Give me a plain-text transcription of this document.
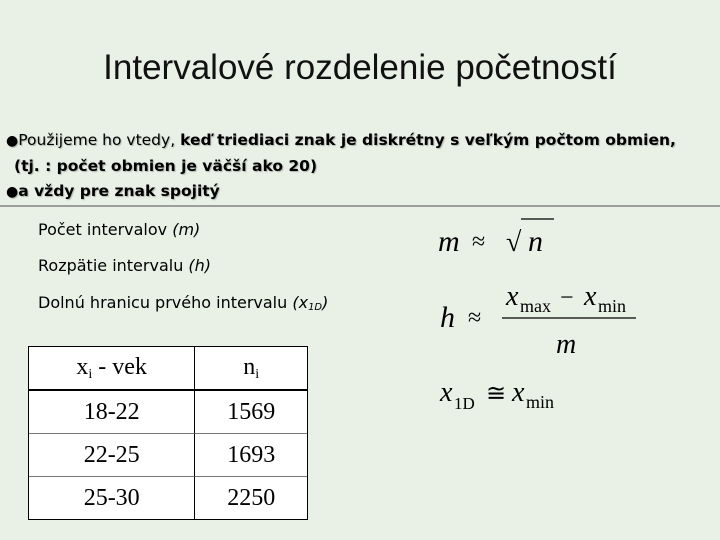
Intervalové rozdelenie početností
●Použijeme ho vtedy, keď triediaci znak je diskrétny s veľkým počtom obmien,
(tj. : počet obmien je väčší ako 20)
●a vždy pre znak spojitý
Počet intervalov (m)
Rozpätie intervalu (h)
Dolnú hranicu prvého intervalu $(x_{1D})$
m ≈ √ n
h ≈
x max − x min
m
x 1D ≅ x min
$x_i$ - vek	$n_i$
18-22	1569
22-25	1693
25-30	2250
